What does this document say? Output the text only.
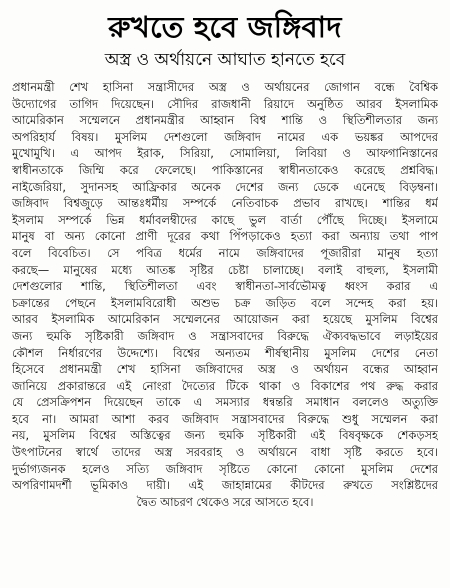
রুখতে হবে জঙ্গিবাদ
অস্ত্র ও অর্থায়নে আঘাত হানতে হবে
প্রধানমন্ত্রী শেখ হাসিনা সন্ত্রাসীদের অস্ত্র ও অর্থায়নের জোগান বন্ধে বৈশ্বিক
উদ্যোগের তাগিদ দিয়েছেন। সৌদির রাজধানী রিয়াদে অনুষ্ঠিত আরব ইসলামিক
আমেরিকান সম্মেলনে প্রধানমন্ত্রীর আহ্বান বিশ্ব শান্তি ও স্থিতিশীলতার জন্য
অপরিহার্য বিষয়। মুসলিম দেশগুলো জঙ্গিবাদ নামের এক ভয়ঙ্কর আপদের
মুখোমুখি। এ আপদ ইরাক, সিরিয়া, সোমালিয়া, লিবিয়া ও আফগানিস্তানের
স্বাধীনতাকে জিম্মি করে ফেলেছে। পাকিস্তানের স্বাধীনতাকেও করেছে প্রশ্নবিদ্ধ।
নাইজেরিয়া, সুদানসহ আফ্রিকার অনেক দেশের জন্য ডেকে এনেছে বিড়ম্বনা।
জঙ্গিবাদ বিশ্বজুড়ে আন্তঃধর্মীয় সম্পর্কে নেতিবাচক প্রভাব রাখছে। শান্তির ধর্ম
ইসলাম সম্পর্কে ভিন্ন ধর্মাবলম্বীদের কাছে ভুল বার্তা পৌঁছে দিচ্ছে। ইসলামে
মানুষ বা অন্য কোনো প্রাণী দূরের কথা পিঁপড়াকেও হত্যা করা অন্যায় তথা পাপ
বলে বিবেচিত। সে পবিত্র ধর্মের নামে জঙ্গিবাদের পূজারীরা মানুষ হত্যা
করছে— মানুষের মধ্যে আতঙ্ক সৃষ্টির চেষ্টা চালাচ্ছে। বলাই বাহুল্য, ইসলামী
দেশগুলোর শান্তি, স্থিতিশীলতা এবং স্বাধীনতা-সার্বভৌমত্ব ধ্বংস করার এ
চক্রান্তের পেছনে ইসলামবিরোধী অশুভ চক্র জড়িত বলে সন্দেহ করা হয়।
আরব ইসলামিক আমেরিকান সম্মেলনের আয়োজন করা হয়েছে মুসলিম বিশ্বের
জন্য হুমকি সৃষ্টিকারী জঙ্গিবাদ ও সন্ত্রাসবাদের বিরুদ্ধে ঐক্যবদ্ধভাবে লড়াইয়ের
কৌশল নির্ধারণের উদ্দেশ্যে। বিশ্বের অন্যতম শীর্ষস্থানীয় মুসলিম দেশের নেতা
হিসেবে প্রধানমন্ত্রী শেখ হাসিনা জঙ্গিবাদের অস্ত্র ও অর্থায়ন বন্ধের আহ্বান
জানিয়ে প্রকারান্তরে এই নোংরা দৈত্যের টিকে থাকা ও বিকাশের পথ রুদ্ধ করার
যে প্রেসক্রিপশন দিয়েছেন তাকে এ সমস্যার ধন্বন্তরি সমাধান বললেও অত্যুক্তি
হবে না। আমরা আশা করব জঙ্গিবাদ সন্ত্রাসবাদের বিরুদ্ধে শুধু সম্মেলন করা
নয়, মুসলিম বিশ্বের অস্তিত্বের জন্য হুমকি সৃষ্টিকারী এই বিষবৃক্ষকে শেকড়সহ
উৎপাটনের স্বার্থে তাদের অস্ত্র সরবরাহ ও অর্থায়নে বাধা সৃষ্টি করতে হবে।
দুর্ভাগ্যজনক হলেও সত্যি জঙ্গিবাদ সৃষ্টিতে কোনো কোনো মুসলিম দেশের
অপরিণামদর্শী ভূমিকাও দায়ী। এই জাহান্নামের কীটদের রুখতে সংশ্লিষ্টদের
দ্বৈত আচরণ থেকেও সরে আসতে হবে।
